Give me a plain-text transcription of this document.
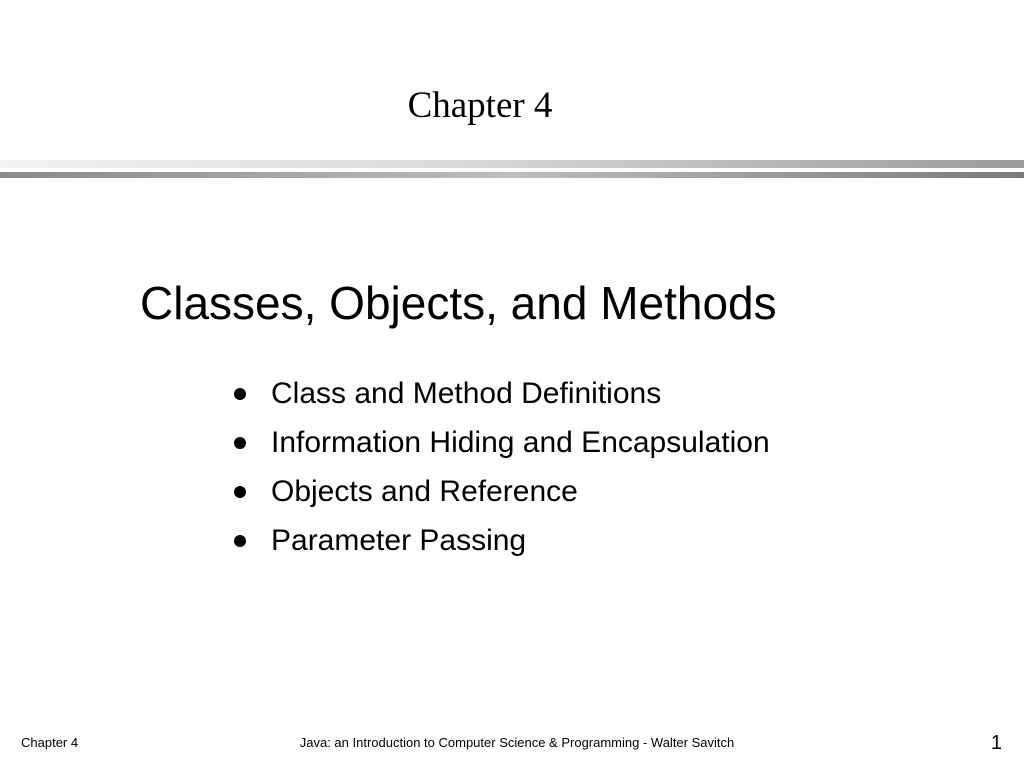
Chapter 4
Classes, Objects, and Methods
Class and Method Definitions
Information Hiding and Encapsulation
Objects and Reference
Parameter Passing
Chapter 4	Java: an Introduction to Computer Science & Programming - Walter Savitch	1
